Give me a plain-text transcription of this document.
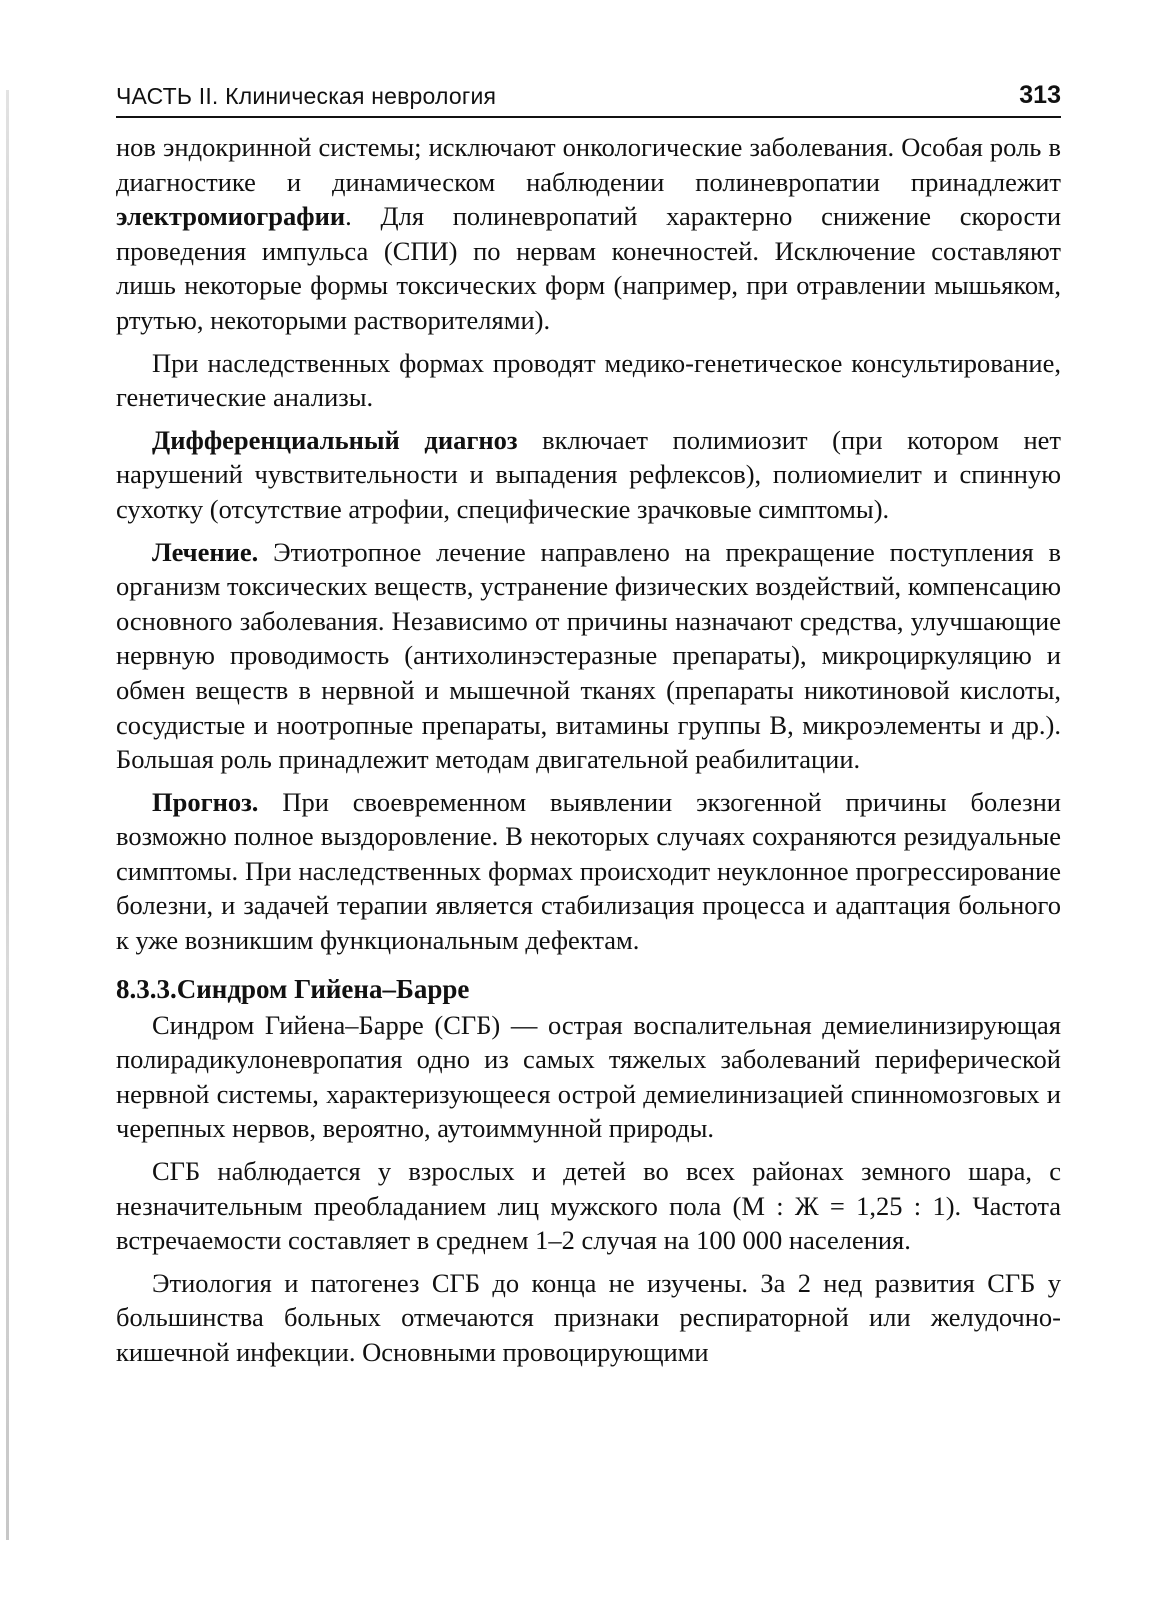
ЧАСТЬ II. Клиническая неврология	313

нов эндокринной системы; исключают онкологические заболевания. Особая роль в диагностике и динамическом наблюдении полиневропатии принадлежит электромиографии. Для полиневропатий характерно снижение скорости проведения импульса (СПИ) по нервам конечностей. Исключение составляют лишь некоторые формы токсических форм (например, при отравлении мышьяком, ртутью, некоторыми растворителями).

При наследственных формах проводят медико-генетическое консультирование, генетические анализы.

Дифференциальный диагноз включает полимиозит (при котором нет нарушений чувствительности и выпадения рефлексов), полиомиелит и спинную сухотку (отсутствие атрофии, специфические зрачковые симптомы).

Лечение. Этиотропное лечение направлено на прекращение поступления в организм токсических веществ, устранение физических воздействий, компенсацию основного заболевания. Независимо от причины назначают средства, улучшающие нервную проводимость (антихолинэстеразные препараты), микроциркуляцию и обмен веществ в нервной и мышечной тканях (препараты никотиновой кислоты, сосудистые и ноотропные препараты, витамины группы В, микроэлементы и др.). Большая роль принадлежит методам двигательной реабилитации.

Прогноз. При своевременном выявлении экзогенной причины болезни возможно полное выздоровление. В некоторых случаях сохраняются резидуальные симптомы. При наследственных формах происходит неуклонное прогрессирование болезни, и задачей терапии является стабилизация процесса и адаптация больного к уже возникшим функциональным дефектам.

8.3.3.Синдром Гийена–Барре

Синдром Гийена–Барре (СГБ) — острая воспалительная демиелинизирующая полирадикулоневропатия одно из самых тяжелых заболеваний периферической нервной системы, характеризующееся острой демиелинизацией спинномозговых и черепных нервов, вероятно, аутоиммунной природы.

СГБ наблюдается у взрослых и детей во всех районах земного шара, с незначительным преобладанием лиц мужского пола (М : Ж = 1,25 : 1). Частота встречаемости составляет в среднем 1–2 случая на 100 000 населения.

Этиология и патогенез СГБ до конца не изучены. За 2 нед развития СГБ у большинства больных отмечаются признаки респираторной или желудочно-кишечной инфекции. Основными провоцирующими
